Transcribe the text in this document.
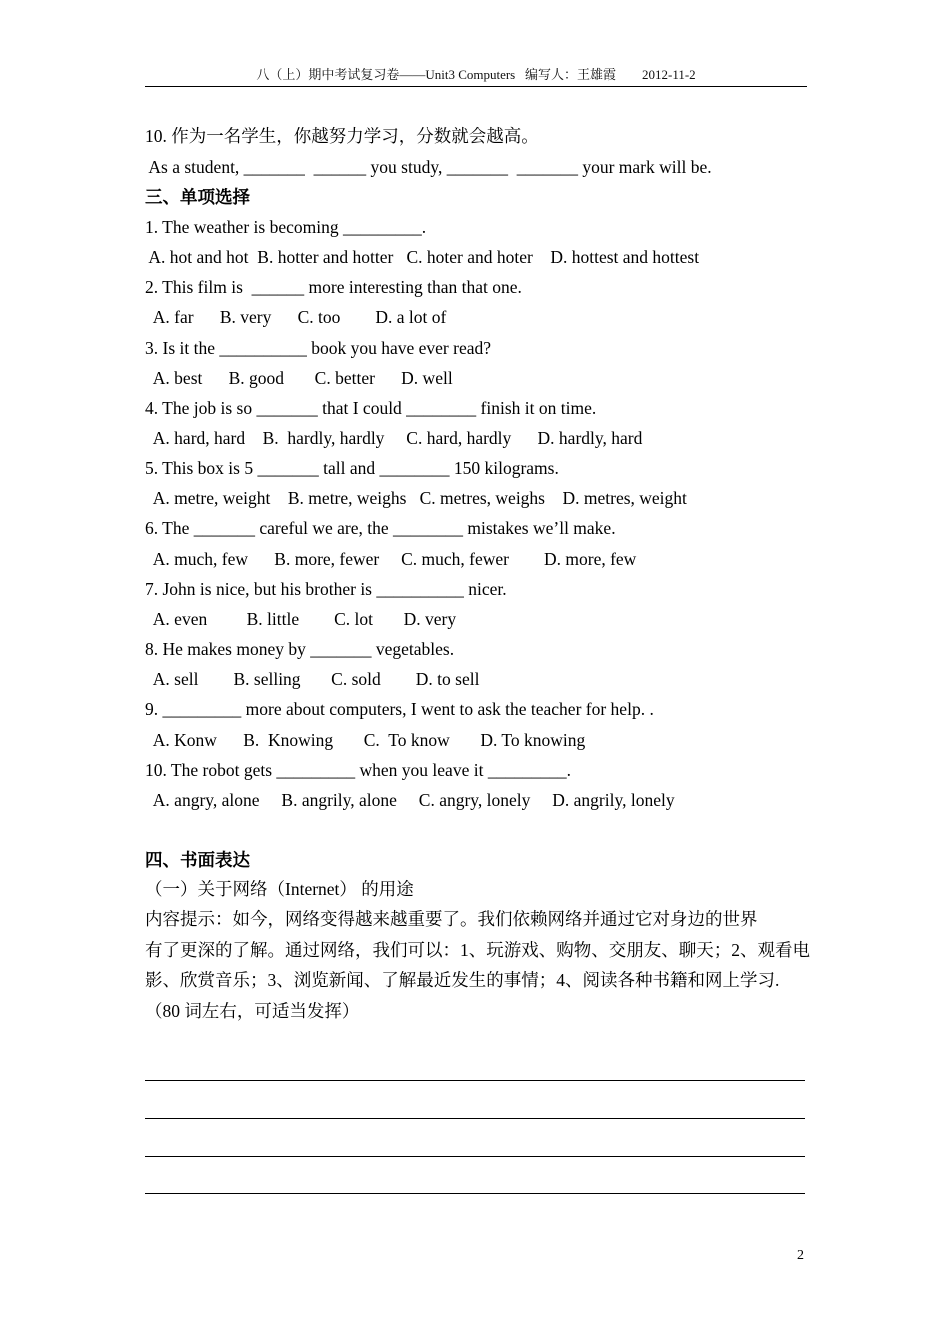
八（上）期中考试复习卷——Unit3 Computers   编写人：王雄霞        2012-11-2
10. 作为一名学生，你越努力学习，分数就会越高。
As a student, _______  ______ you study, _______  _______ your mark will be.
三、单项选择
1. The weather is becoming _________.
A. hot and hot  B. hotter and hotter   C. hoter and hoter    D. hottest and hottest
2. This film is  ______ more interesting than that one.
A. far      B. very      C. too        D. a lot of
3. Is it the __________ book you have ever read?
A. best      B. good       C. better      D. well
4. The job is so _______ that I could ________ finish it on time.
A. hard, hard    B.  hardly, hardly     C. hard, hardly      D. hardly, hard
5. This box is 5 _______ tall and ________ 150 kilograms.
A. metre, weight    B. metre, weighs   C. metres, weighs    D. metres, weight
6. The _______ careful we are, the ________ mistakes we’ll make.
A. much, few      B. more, fewer     C. much, fewer        D. more, few
7. John is nice, but his brother is __________ nicer.
A. even         B. little        C. lot       D. very
8. He makes money by _______ vegetables.
A. sell        B. selling       C. sold        D. to sell
9. _________ more about computers, I went to ask the teacher for help. .
A. Konw      B.  Knowing       C.  To know       D. To knowing
10. The robot gets _________ when you leave it _________.
A. angry, alone     B. angrily, alone     C. angry, lonely     D. angrily, lonely
四、书面表达
（一）关于网络（Internet） 的用途
内容提示：如今，网络变得越来越重要了。我们依赖网络并通过它对身边的世界
有了更深的了解。通过网络，我们可以：1、玩游戏、购物、交朋友、聊天；2、观看电
影、欣赏音乐；3、浏览新闻、了解最近发生的事情；4、阅读各种书籍和网上学习.
（80 词左右，可适当发挥）
2
